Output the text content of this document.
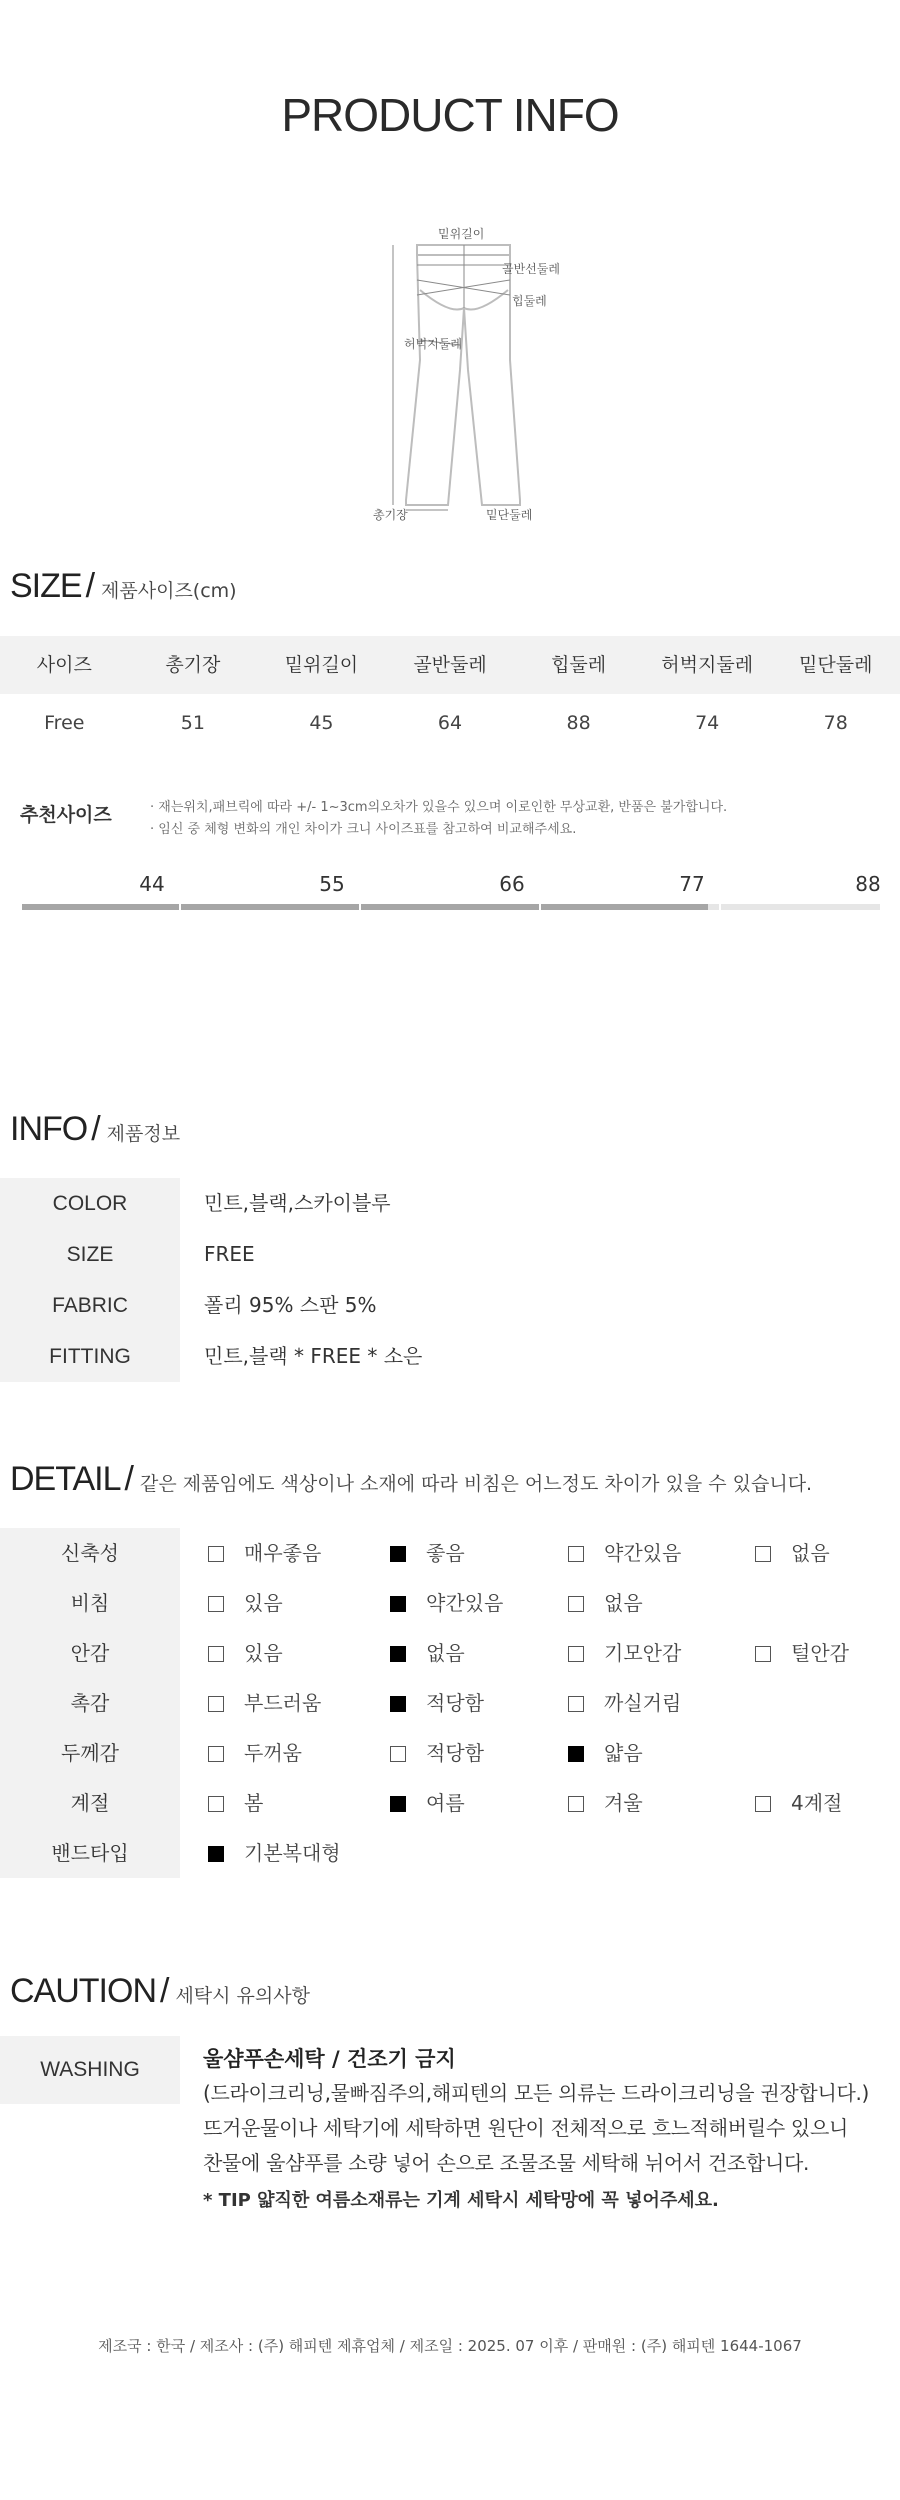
PRODUCT INFO
밑위길이
골반선둘레
힙둘레
허벅지둘레
총기장	밑단둘레
SIZE / 제품사이즈(cm)
사이즈	총기장	밑위길이	골반둘레	힙둘레	허벅지둘레	밑단둘레
Free	51	45	64	88	74	78
추천사이즈	· 재는위치,패브릭에 따라 +/- 1~3cm의오차가 있을수 있으며 이로인한 무상교환, 반품은 불가합니다.
· 임신 중 체형 변화의 개인 차이가 크니 사이즈표를 참고하여 비교해주세요.
44	55	66	77	88
INFO / 제품정보
COLOR	민트,블랙,스카이블루
SIZE	FREE
FABRIC	폴리 95% 스판 5%
FITTING	민트,블랙 * FREE * 소은
DETAIL / 같은 제품임에도 색상이나 소재에 따라 비침은 어느정도 차이가 있을 수 있습니다.
신축성	매우좋음	좋음	약간있음	없음
비침	있음	약간있음	없음
안감	있음	없음	기모안감	털안감
촉감	부드러움	적당함	까실거림
두께감	두꺼움	적당함	얇음
계절	봄	여름	겨울	4계절
밴드타입	기본복대형
CAUTION / 세탁시 유의사항
WASHING	울샴푸손세탁 / 건조기 금지
(드라이크리닝,물빠짐주의,해피텐의 모든 의류는 드라이크리닝을 권장합니다.)
뜨거운물이나 세탁기에 세탁하면 원단이 전체적으로 흐느적해버릴수 있으니
찬물에 울샴푸를 소량 넣어 손으로 조물조물 세탁해 뉘어서 건조합니다.
* TIP 얇직한 여름소재류는 기계 세탁시 세탁망에 꼭 넣어주세요.
제조국 : 한국 / 제조사 : (주) 해피텐 제휴업체 / 제조일 : 2025. 07 이후 / 판매원 : (주) 해피텐 1644-1067
